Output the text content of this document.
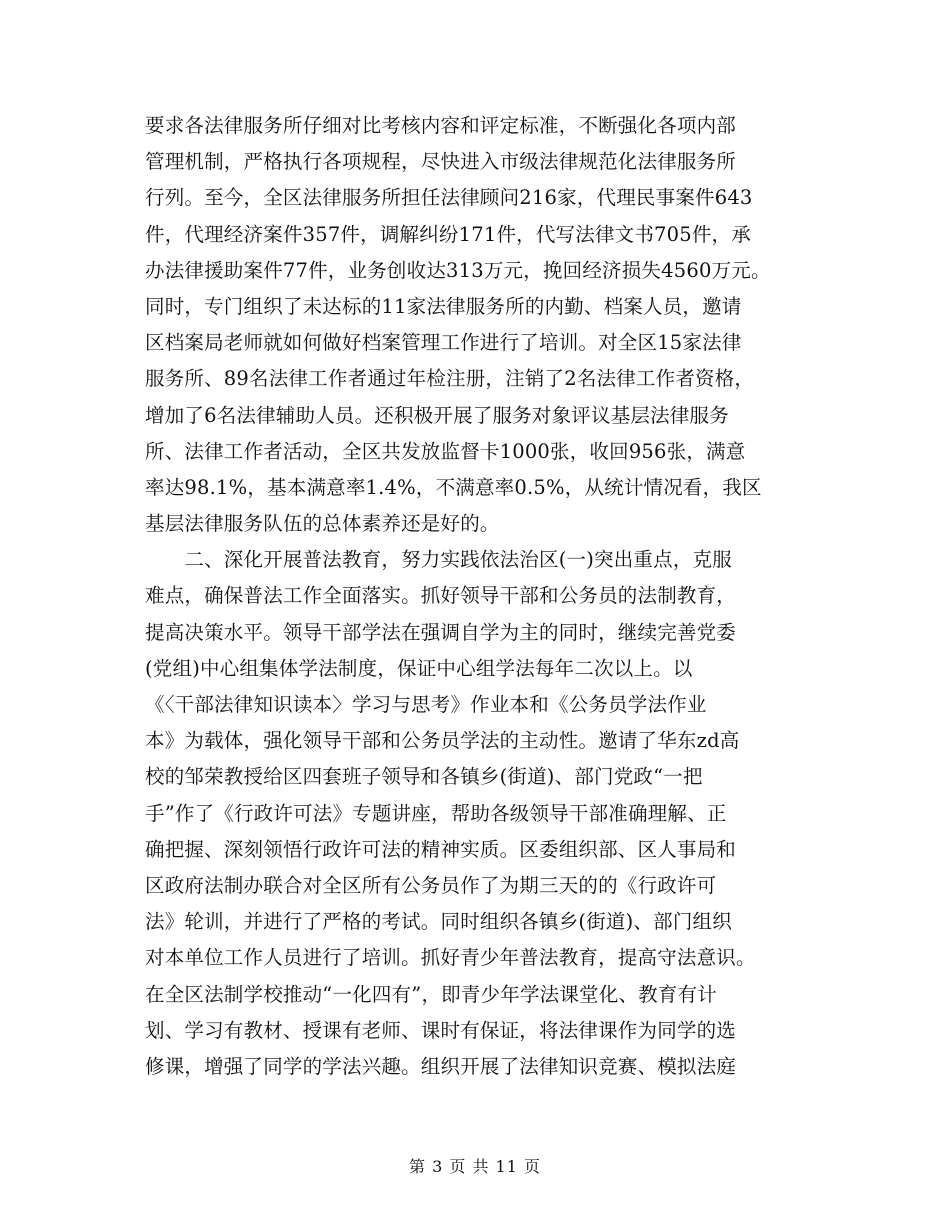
要求各法律服务所仔细对比考核内容和评定标准，不断强化各项内部
管理机制，严格执行各项规程，尽快进入市级法律规范化法律服务所
行列。至今，全区法律服务所担任法律顾问216家，代理民事案件643
件，代理经济案件357件，调解纠纷171件，代写法律文书705件，承
办法律援助案件77件，业务创收达313万元，挽回经济损失4560万元。
同时，专门组织了未达标的11家法律服务所的内勤、档案人员，邀请
区档案局老师就如何做好档案管理工作进行了培训。对全区15家法律
服务所、89名法律工作者通过年检注册，注销了2名法律工作者资格，
增加了6名法律辅助人员。还积极开展了服务对象评议基层法律服务
所、法律工作者活动，全区共发放监督卡1000张，收回956张，满意
率达98.1%，基本满意率1.4%，不满意率0.5%，从统计情况看，我区
基层法律服务队伍的总体素养还是好的。
　　二、深化开展普法教育，努力实践依法治区(一)突出重点，克服
难点，确保普法工作全面落实。抓好领导干部和公务员的法制教育，
提高决策水平。领导干部学法在强调自学为主的同时，继续完善党委
(党组)中心组集体学法制度，保证中心组学法每年二次以上。以
《〈干部法律知识读本〉学习与思考》作业本和《公务员学法作业
本》为载体，强化领导干部和公务员学法的主动性。邀请了华东zd高
校的邹荣教授给区四套班子领导和各镇乡(街道)、部门党政“一把
手”作了《行政许可法》专题讲座，帮助各级领导干部准确理解、正
确把握、深刻领悟行政许可法的精神实质。区委组织部、区人事局和
区政府法制办联合对全区所有公务员作了为期三天的的《行政许可
法》轮训，并进行了严格的考试。同时组织各镇乡(街道)、部门组织
对本单位工作人员进行了培训。抓好青少年普法教育，提高守法意识。
在全区法制学校推动“一化四有”，即青少年学法课堂化、教育有计
划、学习有教材、授课有老师、课时有保证，将法律课作为同学的选
修课，增强了同学的学法兴趣。组织开展了法律知识竞赛、模拟法庭
第 3 页 共 11 页
